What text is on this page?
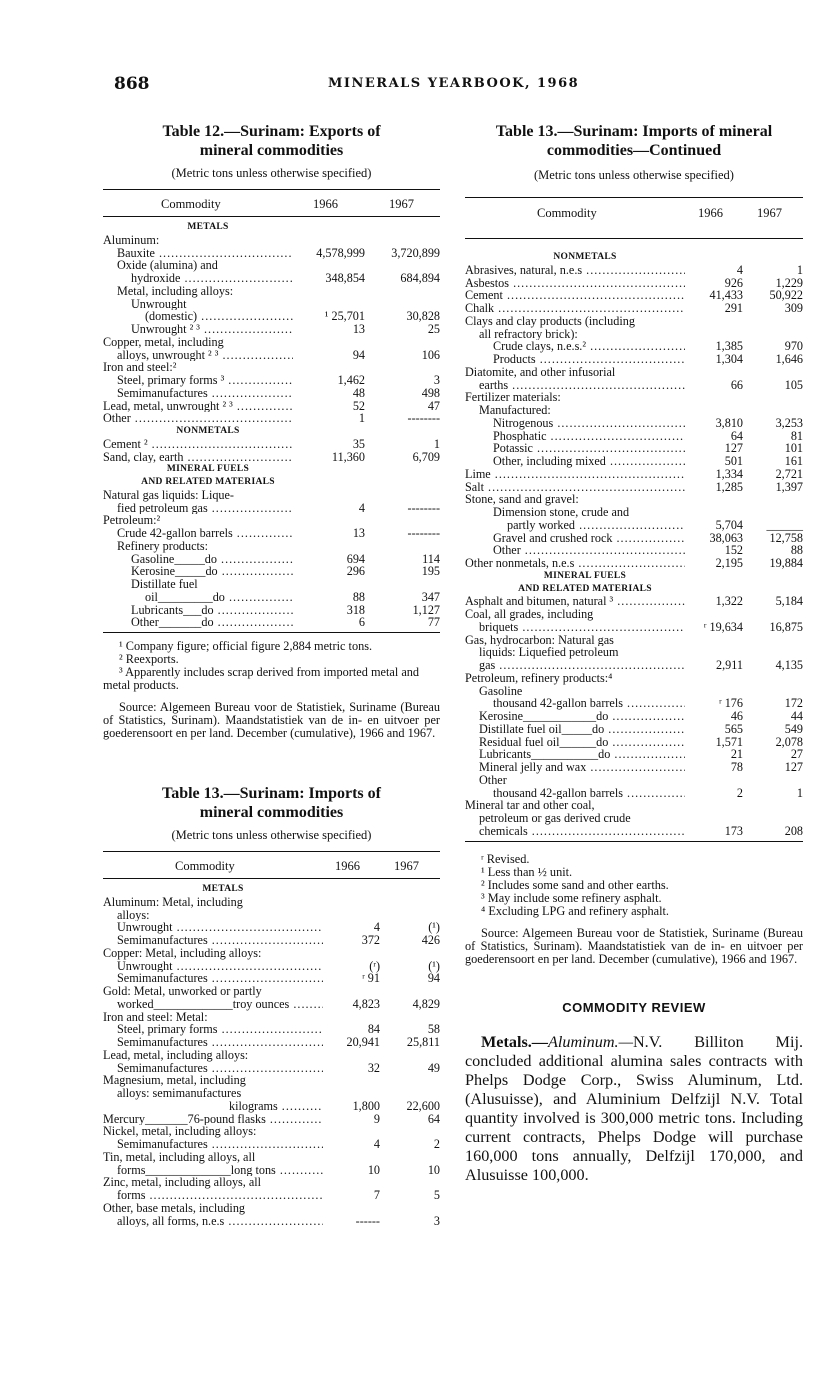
868	MINERALS YEARBOOK, 1968
Table 12.—Surinam: Exports of mineral commodities
(Metric tons unless otherwise specified)
Commodity	1966	1967
METALS
Aluminum:
Bauxite .....	4,578,999 3,720,899
Oxide (alumina) and
hydroxide .....	348,854	684,894
Metal, including alloys:
Unwrought
(domestic) .....	¹ 25,701	30,828
Unwrought ² ³ .....	13	25
Copper, metal, including
alloys, unwrought ² ³ .....	94	106
Iron and steel:²
Steel, primary forms ³ .....	1,462	3
Semimanufactures .....	48	498
Lead, metal, unwrought ² ³ .....	52	47
Other .....	1	--------
NONMETALS
Cement ² .....	35	1
Sand, clay, earth .....	11,360	6,709
MINERAL FUELS
AND RELATED MATERIALS
Natural gas liquids: Lique-
fied petroleum gas .....	4	--------
Petroleum:²
Crude 42-gallon barrels .....	13	--------
Refinery products:
Gasoline_____do .....	694	114
Kerosine_____do .....	296	195
Distillate fuel
oil_________do .....	88	347
Lubricants___do .....	318	1,127
Other_______do .....	6	77

¹ Company figure; official figure 2,884 metric tons.

² Reexports.

³ Apparently includes scrap derived from imported metal and metal products.

Source: Algemeen Bureau voor de Statistiek, Suriname (Bureau of Statistics, Surinam). Maandstatistiek van de in- en uitvoer per goederensoort en per land. December (cumulative), 1966 and 1967.
Table 13.—Surinam: Imports of mineral commodities
(Metric tons unless otherwise specified)
Commodity	1966	1967
METALS
Aluminum: Metal, including
alloys:
Unwrought .....	4	(¹)
Semimanufactures .....	372	426
Copper: Metal, including alloys:
Unwrought .....	(ʳ)	(¹)
Semimanufactures .....	ʳ 91	94
Gold: Metal, unworked or partly
worked_____________troy ounces .....	4,823	4,829
Iron and steel: Metal:
Steel, primary forms .....	84	58
Semimanufactures .....	20,941 25,811
Lead, metal, including alloys:
Semimanufactures .....	32	49
Magnesium, metal, including
alloys: semimanufactures
kilograms .....	1,800 22,600
Mercury_______76-pound flasks .....	9	64
Nickel, metal, including alloys:
Semimanufactures .....	4	2
Tin, metal, including alloys, all
forms______________long tons .....	10	10
Zinc, metal, including alloys, all
forms .....	7	5
Other, base metals, including
alloys, all forms, n.e.s .....	------	3
Table 13.—Surinam: Imports of mineral commodities—Continued
(Metric tons unless otherwise specified)
Commodity	1966	1967
NONMETALS
Abrasives, natural, n.e.s .....	4	1
Asbestos .....	926	1,229
Cement .....	41,433 50,922
Chalk .....	291	309
Clays and clay products (including
all refractory brick):
Crude clays, n.e.s.² .....	1,385	970
Products .....	1,304	1,646
Diatomite, and other infusorial
earths .....	66	105
Fertilizer materials:
Manufactured:
Nitrogenous .....	3,810	3,253
Phosphatic .....	64	81
Potassic .....	127	101
Other, including mixed .....	501	161
Lime .....	1,334	2,721
Salt .....	1,285	1,397
Stone, sand and gravel:
Dimension stone, crude and
partly worked .....	5,704 ______
Gravel and crushed rock .....	38,063 12,758
Other .....	152	88
Other nonmetals, n.e.s .....	2,195 19,884
MINERAL FUELS
AND RELATED MATERIALS
Asphalt and bitumen, natural ³ .....	1,322	5,184
Coal, all grades, including
briquets .....	ʳ 19,634 16,875
Gas, hydrocarbon: Natural gas
liquids: Liquefied petroleum
gas .....	2,911	4,135
Petroleum, refinery products:⁴
Gasoline
thousand 42-gallon barrels .....	ʳ 176	172
Kerosine____________do .....	46	44
Distillate fuel oil_____do .....	565	549
Residual fuel oil______do .....	1,571	2,078
Lubricants___________do .....	21	27
Mineral jelly and wax .....	78	127
Other
thousand 42-gallon barrels .....	2	1
Mineral tar and other coal,
petroleum or gas derived crude
chemicals .....	173	208

ʳ Revised.

¹ Less than ½ unit.

² Includes some sand and other earths.

³ May include some refinery asphalt.

⁴ Excluding LPG and refinery asphalt.

Source: Algemeen Bureau voor de Statistiek, Suriname (Bureau of Statistics, Surinam). Maandstatistiek van de in- en uitvoer per goederensoort en per land. December (cumulative), 1966 and 1967.
COMMODITY REVIEW
Metals.—Aluminum.—N.V. Billiton Mij. concluded additional alumina sales contracts with Phelps Dodge Corp., Swiss Aluminum, Ltd. (Alusuisse), and Aluminium Delfzijl N.V. Total quantity involved is 300,000 metric tons. Including current contracts, Phelps Dodge will purchase 160,000 tons annually, Delfzijl 170,000, and Alusuisse 100,000.
